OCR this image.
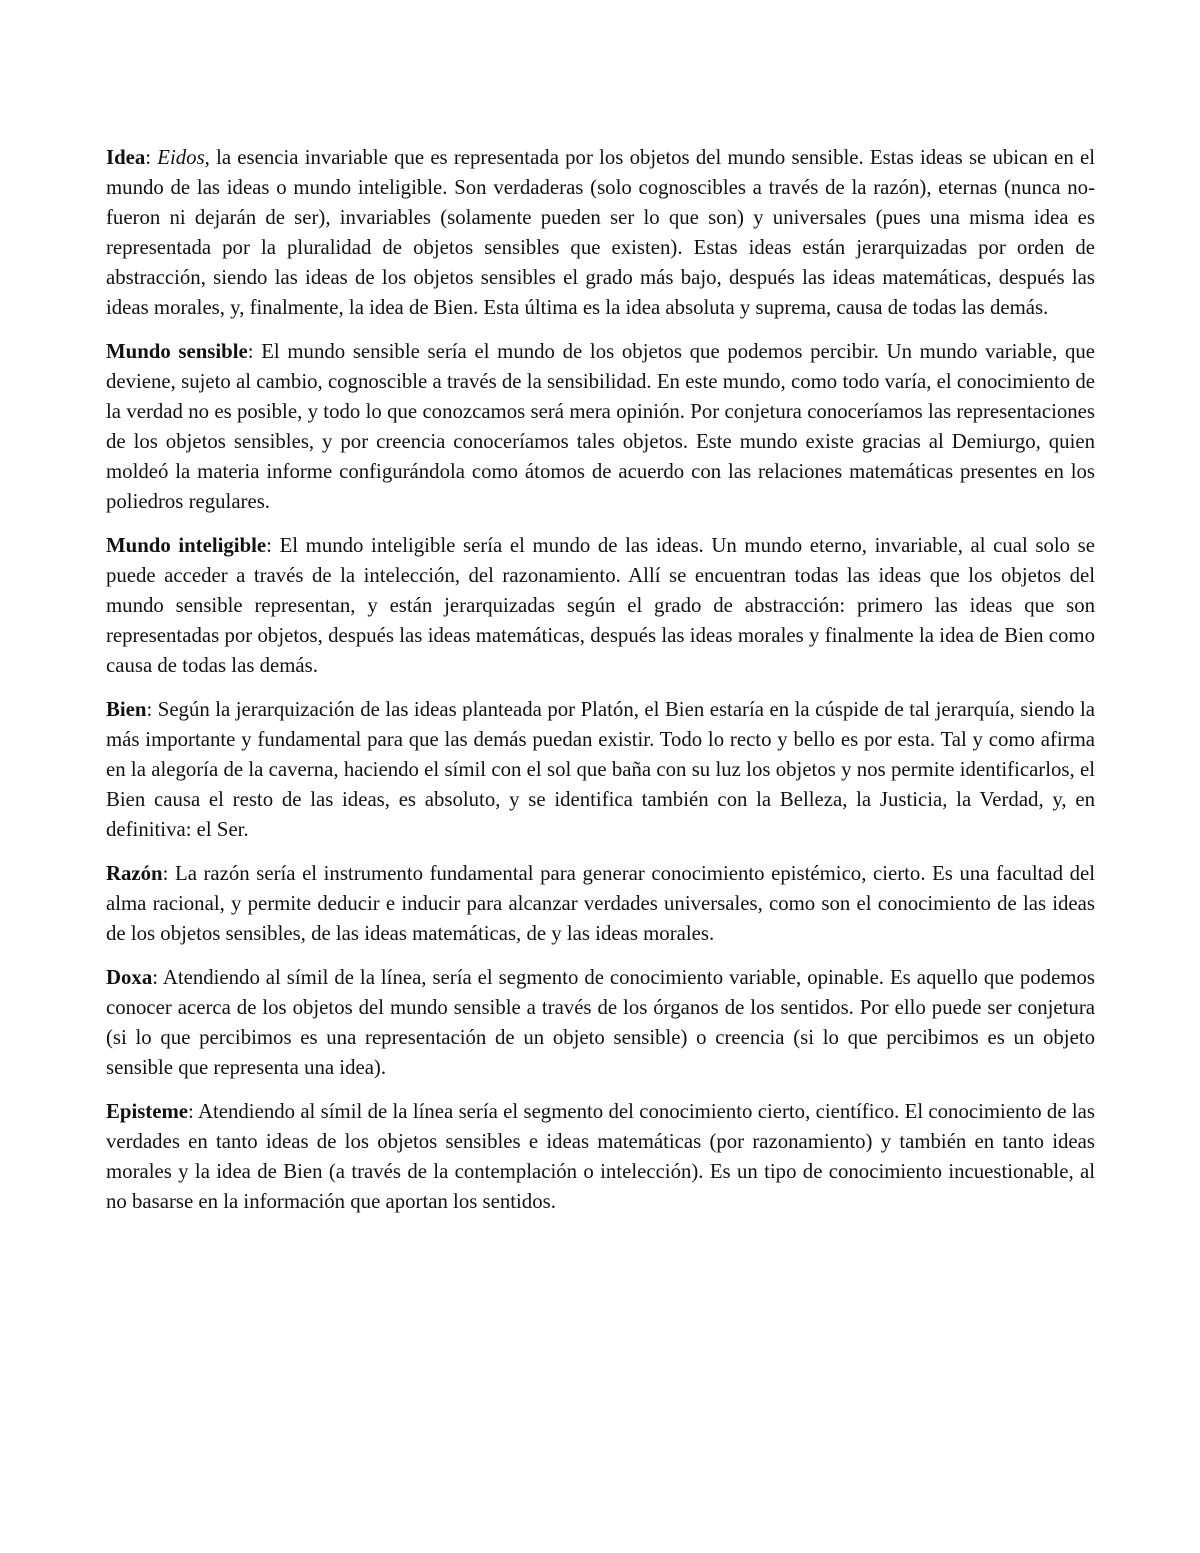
Idea: Eidos, la esencia invariable que es representada por los objetos del mundo sensible. Estas ideas se ubican en el mundo de las ideas o mundo inteligible. Son verdaderas (solo cognoscibles a través de la razón), eternas (nunca no-fueron ni dejarán de ser), invariables (solamente pueden ser lo que son) y universales (pues una misma idea es representada por la pluralidad de objetos sensibles que existen). Estas ideas están jerarquizadas por orden de abstracción, siendo las ideas de los objetos sensibles el grado más bajo, después las ideas matemáticas, después las ideas morales, y, finalmente, la idea de Bien. Esta última es la idea absoluta y suprema, causa de todas las demás.

Mundo sensible: El mundo sensible sería el mundo de los objetos que podemos percibir. Un mundo variable, que deviene, sujeto al cambio, cognoscible a través de la sensibilidad. En este mundo, como todo varía, el conocimiento de la verdad no es posible, y todo lo que conozcamos será mera opinión. Por conjetura conoceríamos las representaciones de los objetos sensibles, y por creencia conoceríamos tales objetos. Este mundo existe gracias al Demiurgo, quien moldeó la materia informe configurándola como átomos de acuerdo con las relaciones matemáticas presentes en los poliedros regulares.

Mundo inteligible: El mundo inteligible sería el mundo de las ideas. Un mundo eterno, invariable, al cual solo se puede acceder a través de la intelección, del razonamiento. Allí se encuentran todas las ideas que los objetos del mundo sensible representan, y están jerarquizadas según el grado de abstracción: primero las ideas que son representadas por objetos, después las ideas matemáticas, después las ideas morales y finalmente la idea de Bien como causa de todas las demás.

Bien: Según la jerarquización de las ideas planteada por Platón, el Bien estaría en la cúspide de tal jerarquía, siendo la más importante y fundamental para que las demás puedan existir. Todo lo recto y bello es por esta. Tal y como afirma en la alegoría de la caverna, haciendo el símil con el sol que baña con su luz los objetos y nos permite identificarlos, el Bien causa el resto de las ideas, es absoluto, y se identifica también con la Belleza, la Justicia, la Verdad, y, en definitiva: el Ser.

Razón: La razón sería el instrumento fundamental para generar conocimiento epistémico, cierto. Es una facultad del alma racional, y permite deducir e inducir para alcanzar verdades universales, como son el conocimiento de las ideas de los objetos sensibles, de las ideas matemáticas, de y las ideas morales.

Doxa: Atendiendo al símil de la línea, sería el segmento de conocimiento variable, opinable. Es aquello que podemos conocer acerca de los objetos del mundo sensible a través de los órganos de los sentidos. Por ello puede ser conjetura (si lo que percibimos es una representación de un objeto sensible) o creencia (si lo que percibimos es un objeto sensible que representa una idea).

Episteme: Atendiendo al símil de la línea sería el segmento del conocimiento cierto, científico. El conocimiento de las verdades en tanto ideas de los objetos sensibles e ideas matemáticas (por razonamiento) y también en tanto ideas morales y la idea de Bien (a través de la contemplación o intelección). Es un tipo de conocimiento incuestionable, al no basarse en la información que aportan los sentidos.
